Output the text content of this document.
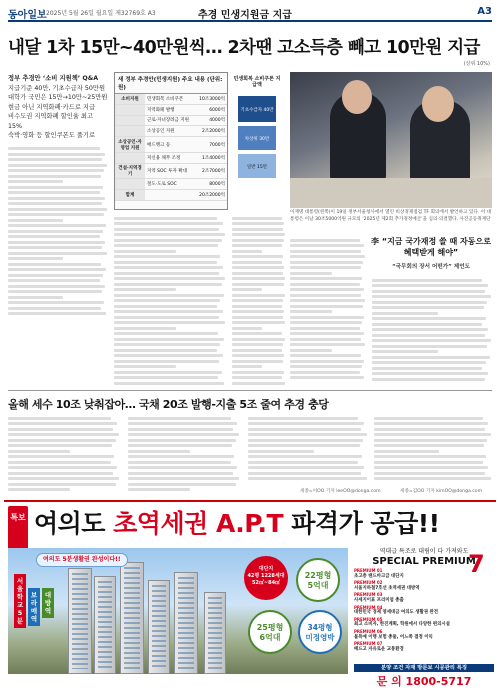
동아일보 2025년 5월 26일 월요일 제32769호 A3	추경 민생지원금 지급	A3
내달 1차 15만~40만원씩… 2차땐 고소득층 빼고 10만원 지급
(상위 10%)
정부 추경안 ‘소비 지원책’ Q&A
지급기준 40만, 기초수급자 50만원
대학가 국민은 15만→10만~25만원
현금 아닌 지역화폐·카드로 지급
비수도권 지역화폐 할인율 최고 15%
숙박·영화 등 할인쿠폰도 풀기로
새 정부 추경안(민생지원) 주요 내용 (단위: 원)
소비지원	민생회복 소비쿠폰	10조3000억
	지역화폐 발행	6000억
	근로·자녀장려금 지원	4000억
	소상공인 지원	2조2000억
소상공인·자영업 지원	배드뱅크 등	7000억
	저신용 채무 조정	1조4000억
건설·지역경기	지역 SOC 투자 확대	2조7000억
	철도·도로 SOC	8000억
합계		20조2000억
민생회복 소비쿠폰 지급액
기초수급자 40만
차상위 30만
일반 15만
이재명 대통령(왼쪽)이 19일 정부서울청사에서 열린 비상경제점검 TF 회의에서 발언하고 있다. 이 대통령은 이날 30조5000억원 규모의 ‘2025년 제2회 추가경정예산’을 심의·의결했다. 사진공동취재단
李 “지금 국가재정 쓸 때 자동으로 혜택받게 해야”
“국무회의 장서 어떤가” 제언도
올해 세수 10조 낮춰잡아… 국채 20조 발행-지출 5조 줄여 추경 충당
세종=이OO 기자 leeOO@donga.com	세종=김OO 기자 kimOO@donga.com
특보 여의도 초역세권 A.P.T 파격가 공급!!
여의도 5분생활권 완성이다!!
서
울
학
교
5
분
보
라
매
역
대
방
역
대단지
42평 1228세대
52㎡~84㎡
22평형
5억대
25평형
6억대
34평형
미정영박
역대급 특조로 대림이 다 가져와도
SPECIAL PREMIUM
7
PREMIUM 01
초고층 랜드마크급 대단지
PREMIUM 02
서울지하철7호선 초역세권 대방역
PREMIUM 03
사세지이표 프리미엄 총출
PREMIUM 04
대한민국 경제 영세대금 여의도 생활권 완전
PREMIUM 05
최고 소비자, 한진계획, 학원에서 다양한 편의시설
PREMIUM 06
불특예 이행 보험 총물, 어느쪽 결정 이익
PREMIUM 07
배드고 자유로운 교통환경
분양 조건 자재 방문보 시공관리 특징
문 의 1800-5717
